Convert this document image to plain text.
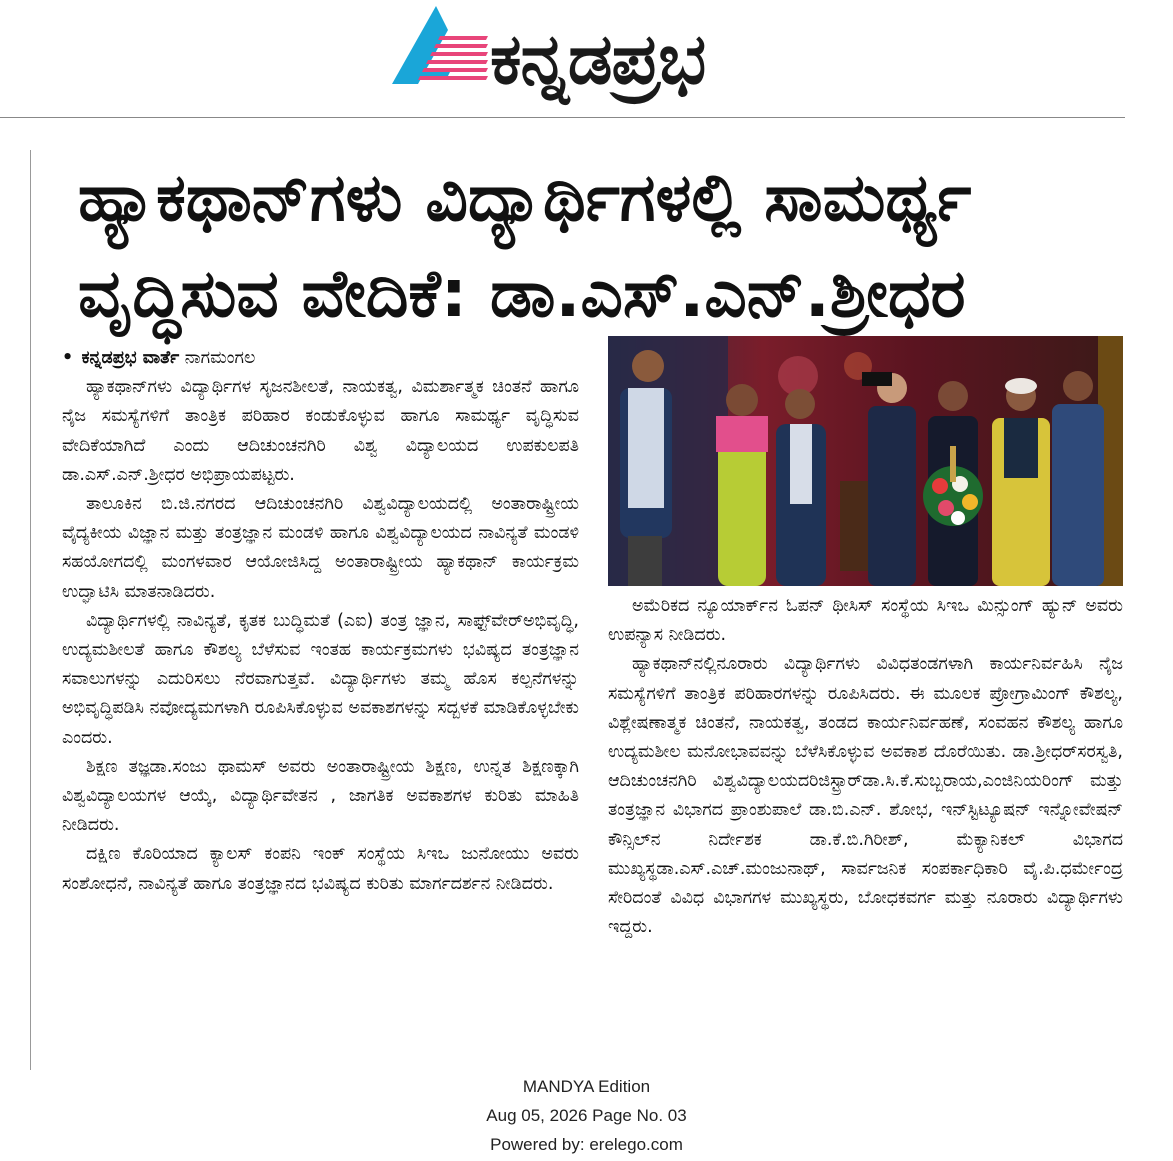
ಕನ್ನಡಪ್ರಭ
ಹ್ಯಾಕಥಾನ್‌ಗಳು ವಿದ್ಯಾರ್ಥಿಗಳಲ್ಲಿ ಸಾಮರ್ಥ್ಯ
ವೃದ್ಧಿಸುವ ವೇದಿಕೆ: ಡಾ.ಎಸ್.ಎನ್.ಶ್ರೀಧರ

• ಕನ್ನಡಪ್ರಭ ವಾರ್ತೆ ನಾಗಮಂಗಲ

ಹ್ಯಾಕಥಾನ್‌ಗಳು ವಿದ್ಯಾರ್ಥಿಗಳ ಸೃಜನಶೀಲತೆ, ನಾಯಕತ್ವ, ವಿಮರ್ಶಾತ್ಮಕ ಚಿಂತನೆ ಹಾಗೂ ನೈಜ ಸಮಸ್ಯೆಗಳಿಗೆ ತಾಂತ್ರಿಕ ಪರಿಹಾರ ಕಂಡುಕೊಳ್ಳುವ ಹಾಗೂ ಸಾಮರ್ಥ್ಯ ವೃದ್ಧಿಸುವ ವೇದಿಕೆಯಾಗಿದೆ ಎಂದು ಆದಿಚುಂಚನಗಿರಿ ವಿಶ್ವ ವಿದ್ಯಾಲಯದ ಉಪಕುಲಪತಿ ಡಾ.ಎಸ್.ಎನ್.ಶ್ರೀಧರ ಅಭಿಪ್ರಾಯಪಟ್ಟರು.

ತಾಲೂಕಿನ ಬಿ.ಜಿ.ನಗರದ ಆದಿಚುಂಚನಗಿರಿ ವಿಶ್ವವಿದ್ಯಾಲಯದಲ್ಲಿ ಅಂತಾರಾಷ್ಟ್ರೀಯ ವೈದ್ಯಕೀಯ ವಿಜ್ಞಾನ ಮತ್ತು ತಂತ್ರಜ್ಞಾನ ಮಂಡಳಿ ಹಾಗೂ ವಿಶ್ವವಿದ್ಯಾಲಯದ ನಾವಿನ್ಯತೆ ಮಂಡಳಿ ಸಹಯೋಗದಲ್ಲಿ ಮಂಗಳವಾರ ಆಯೋಜಿಸಿದ್ದ ಅಂತಾರಾಷ್ಟ್ರೀಯ ಹ್ಯಾಕಥಾನ್ ಕಾರ್ಯಕ್ರಮ ಉದ್ಘಾಟಿಸಿ ಮಾತನಾಡಿದರು.

ವಿದ್ಯಾರ್ಥಿಗಳಲ್ಲಿ ನಾವಿನ್ಯತೆ, ಕೃತಕ ಬುದ್ಧಿಮತೆ (ಎಐ) ತಂತ್ರ ಜ್ಞಾನ, ಸಾಫ್ಟ್‌ವೇರ್‌ಅಭಿವೃದ್ಧಿ, ಉದ್ಯಮಶೀಲತೆ ಹಾಗೂ ಕೌಶಲ್ಯ ಬೆಳೆಸುವ ಇಂತಹ ಕಾರ್ಯಕ್ರಮಗಳು ಭವಿಷ್ಯದ ತಂತ್ರಜ್ಞಾನ ಸವಾಲುಗಳನ್ನು ಎದುರಿಸಲು ನೆರವಾಗುತ್ತವೆ. ವಿದ್ಯಾರ್ಥಿಗಳು ತಮ್ಮ ಹೊಸ ಕಲ್ಪನೆಗಳನ್ನು ಅಭಿವೃದ್ಧಿಪಡಿಸಿ ನವೋದ್ಯಮಗಳಾಗಿ ರೂಪಿಸಿಕೊಳ್ಳುವ ಅವಕಾಶಗಳನ್ನು ಸದ್ಬಳಕೆ ಮಾಡಿಕೊಳ್ಳಬೇಕು ಎಂದರು.

ಶಿಕ್ಷಣ ತಜ್ಞಡಾ.ಸಂಜು ಥಾಮಸ್ ಅವರು ಅಂತಾರಾಷ್ಟ್ರೀಯ ಶಿಕ್ಷಣ, ಉನ್ನತ ಶಿಕ್ಷಣಕ್ಕಾಗಿ ವಿಶ್ವವಿದ್ಯಾಲಯಗಳ ಆಯ್ಕೆ, ವಿದ್ಯಾರ್ಥಿವೇತನ , ಜಾಗತಿಕ ಅವಕಾಶಗಳ ಕುರಿತು ಮಾಹಿತಿ ನೀಡಿದರು.

ದಕ್ಷಿಣ ಕೊರಿಯಾದ ಕ್ಯಾಲಸ್ ಕಂಪನಿ ಇಂಕ್ ಸಂಸ್ಥೆಯ ಸಿಇಒ ಜುನೋಯು ಅವರು ಸಂಶೋಧನೆ, ನಾವಿನ್ಯತೆ ಹಾಗೂ ತಂತ್ರಜ್ಞಾನದ ಭವಿಷ್ಯದ ಕುರಿತು ಮಾರ್ಗದರ್ಶನ ನೀಡಿದರು.

ಅಮೆರಿಕದ ನ್ಯೂಯಾರ್ಕ್‌ನ ಓಪನ್ ಥೀಸಿಸ್ ಸಂಸ್ಥೆಯ ಸಿಇಒ ಮಿನ್ಸುಂಗ್ ಹ್ಯುನ್ ಅವರು ಉಪನ್ಯಾಸ ನೀಡಿದರು.

ಹ್ಯಾಕಥಾನ್‌ನಲ್ಲಿನೂರಾರು ವಿದ್ಯಾರ್ಥಿಗಳು ವಿವಿಧತಂಡಗಳಾಗಿ ಕಾರ್ಯನಿರ್ವಹಿಸಿ ನೈಜ ಸಮಸ್ಯೆಗಳಿಗೆ ತಾಂತ್ರಿಕ ಪರಿಹಾರಗಳನ್ನು ರೂಪಿಸಿದರು. ಈ ಮೂಲಕ ಪ್ರೋಗ್ರಾಮಿಂಗ್ ಕೌಶಲ್ಯ, ವಿಶ್ಲೇಷಣಾತ್ಮಕ ಚಿಂತನೆ, ನಾಯಕತ್ವ, ತಂಡದ ಕಾರ್ಯನಿರ್ವಹಣೆ, ಸಂವಹನ ಕೌಶಲ್ಯ ಹಾಗೂ ಉದ್ಯಮಶೀಲ ಮನೋಭಾವವನ್ನು ಬೆಳೆಸಿಕೊಳ್ಳುವ ಅವಕಾಶ ದೊರೆಯಿತು. ಡಾ.ಶ್ರೀಧರ್‌ಸರಸ್ವತಿ, ಆದಿಚುಂಚನಗಿರಿ ವಿಶ್ವವಿದ್ಯಾಲಯದರಿಜಿಸ್ಟ್ರಾರ್‌ಡಾ.ಸಿ.ಕೆ.ಸುಬ್ಬರಾಯ,ಎಂಜಿನಿಯರಿಂಗ್ ಮತ್ತು ತಂತ್ರಜ್ಞಾನ ವಿಭಾಗದ ಪ್ರಾಂಶುಪಾಲೆ ಡಾ.ಬಿ.ಎನ್. ಶೋಭ, ಇನ್‌ಸ್ಟಿಟ್ಯೂಷನ್ ಇನ್ನೋವೇಷನ್ ಕೌನ್ಸಿಲ್‌ನ ನಿರ್ದೇಶಕ ಡಾ.ಕೆ.ಬಿ.ಗಿರೀಶ್, ಮೆಕ್ಯಾನಿಕಲ್ ವಿಭಾಗದ ಮುಖ್ಯಸ್ಥಡಾ.ಎಸ್.ಎಚ್.ಮಂಜುನಾಥ್, ಸಾರ್ವಜನಿಕ ಸಂಪರ್ಕಾಧಿಕಾರಿ ವೈ.ಪಿ.ಧರ್ಮೇಂದ್ರ ಸೇರಿದಂತೆ ವಿವಿಧ ವಿಭಾಗಗಳ ಮುಖ್ಯಸ್ಥರು, ಬೋಧಕವರ್ಗ ಮತ್ತು ನೂರಾರು ವಿದ್ಯಾರ್ಥಿಗಳು ಇದ್ದರು.

MANDYA Edition
Aug 05, 2026 Page No. 03
Powered by: erelego.com
